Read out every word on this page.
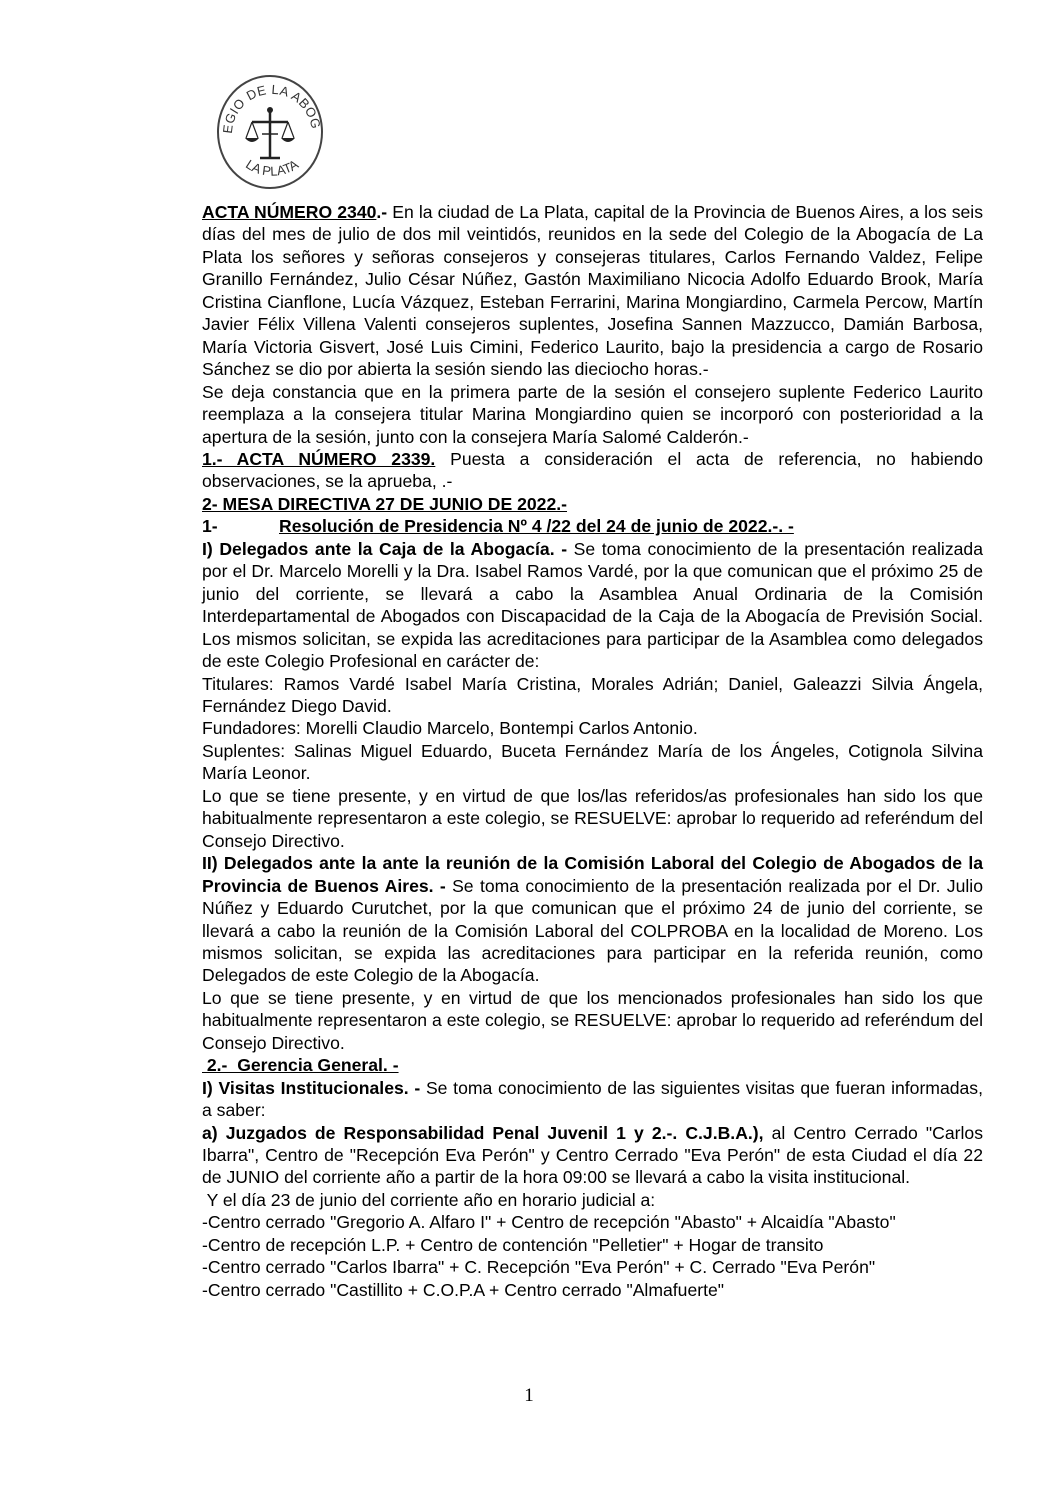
EGIO DE LA ABOG
LA PLATA

ACTA NÚMERO 2340.- En la ciudad de La Plata, capital de la Provincia de Buenos Aires, a los seis días del mes de julio de dos mil veintidós, reunidos en la sede del Colegio de la Abogacía de La Plata los señores y señoras consejeros y consejeras titulares, Carlos Fernando Valdez, Felipe Granillo Fernández, Julio César Núñez, Gastón Maximiliano Nicocia Adolfo Eduardo Brook, María Cristina Cianflone, Lucía Vázquez, Esteban Ferrarini, Marina Mongiardino, Carmela Percow, Martín Javier Félix Villena Valenti consejeros suplentes, Josefina Sannen Mazzucco, Damián Barbosa, María Victoria Gisvert, José Luis Cimini, Federico Laurito, bajo la presidencia a cargo de Rosario Sánchez se dio por abierta la sesión siendo las dieciocho horas.-

Se deja constancia que en la primera parte de la sesión el consejero suplente Federico Laurito reemplaza a la consejera titular Marina Mongiardino quien se incorporó con posterioridad a la apertura de la sesión, junto con la consejera María Salomé Calderón.-

1.- ACTA NÚMERO 2339. Puesta a consideración el acta de referencia, no habiendo observaciones, se la aprueba, .-

2- MESA DIRECTIVA 27 DE JUNIO DE 2022.-

1-	Resolución de Presidencia Nº 4 /22 del 24 de junio de 2022.-. -

I) Delegados ante la Caja de la Abogacía. - Se toma conocimiento de la presentación realizada por el Dr. Marcelo Morelli y la Dra. Isabel Ramos Vardé, por la que comunican que el próximo 25 de junio del corriente, se llevará a cabo la Asamblea Anual Ordinaria de la Comisión Interdepartamental de Abogados con Discapacidad de la Caja de la Abogacía de Previsión Social. Los mismos solicitan, se expida las acreditaciones para participar de la Asamblea como delegados de este Colegio Profesional en carácter de:

Titulares: Ramos Vardé Isabel María Cristina, Morales Adrián; Daniel, Galeazzi Silvia Ángela, Fernández Diego David.

Fundadores: Morelli Claudio Marcelo, Bontempi Carlos Antonio.

Suplentes: Salinas Miguel Eduardo, Buceta Fernández María de los Ángeles, Cotignola Silvina María Leonor.

Lo que se tiene presente, y en virtud de que los/las referidos/as profesionales han sido los que habitualmente representaron a este colegio, se RESUELVE: aprobar lo requerido ad referéndum del Consejo Directivo.

II) Delegados ante la ante la reunión de la Comisión Laboral del Colegio de Abogados de la Provincia de Buenos Aires. - Se toma conocimiento de la presentación realizada por el Dr. Julio Núñez y Eduardo Curutchet, por la que comunican que el próximo 24 de junio del corriente, se llevará a cabo la reunión de la Comisión Laboral del COLPROBA en la localidad de Moreno. Los mismos solicitan, se expida las acreditaciones para participar en la referida reunión, como Delegados de este Colegio de la Abogacía.

Lo que se tiene presente, y en virtud de que los mencionados profesionales han sido los que habitualmente representaron a este colegio, se RESUELVE: aprobar lo requerido ad referéndum del Consejo Directivo.

2.-  Gerencia General. -

I) Visitas Institucionales. - Se toma conocimiento de las siguientes visitas que fueran informadas, a saber:

a) Juzgados de Responsabilidad Penal Juvenil 1 y 2.-. C.J.B.A.), al Centro Cerrado "Carlos Ibarra", Centro de "Recepción Eva Perón" y Centro Cerrado "Eva Perón" de esta Ciudad el día 22 de JUNIO del corriente año a partir de la hora 09:00 se llevará a cabo la visita institucional.

Y el día 23 de junio del corriente año en horario judicial a:

-Centro cerrado "Gregorio A. Alfaro I" + Centro de recepción "Abasto" + Alcaidía "Abasto"

-Centro de recepción L.P. + Centro de contención "Pelletier" + Hogar de transito

-Centro cerrado "Carlos Ibarra" + C. Recepción "Eva Perón" + C. Cerrado "Eva Perón"

-Centro cerrado "Castillito + C.O.P.A + Centro cerrado "Almafuerte"

1
